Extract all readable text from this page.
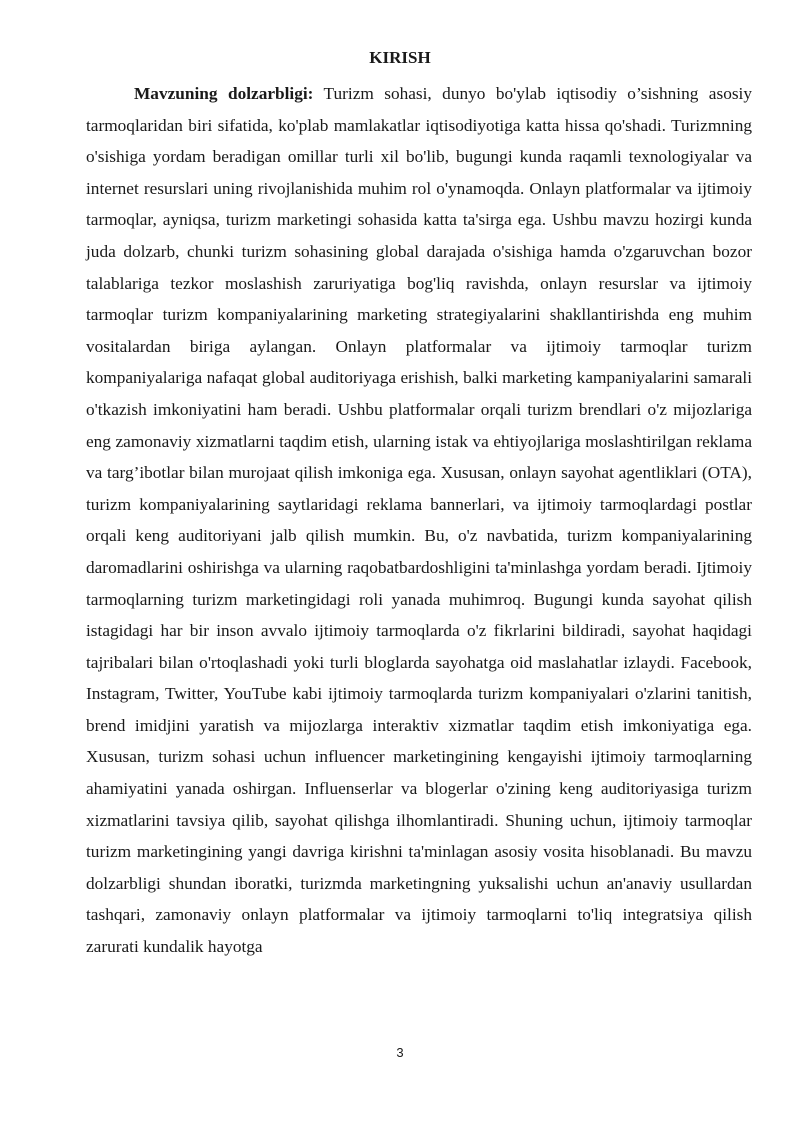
KIRISH

Mavzuning dolzarbligi: Turizm sohasi, dunyo bo'ylab iqtisodiy o’sishning asosiy tarmoqlaridan biri sifatida, ko'plab mamlakatlar iqtisodiyotiga katta hissa qo'shadi. Turizmning o'sishiga yordam beradigan omillar turli xil bo'lib, bugungi kunda raqamli texnologiyalar va internet resurslari uning rivojlanishida muhim rol o'ynamoqda. Onlayn platformalar va ijtimoiy tarmoqlar, ayniqsa, turizm marketingi sohasida katta ta'sirga ega. Ushbu mavzu hozirgi kunda juda dolzarb, chunki turizm sohasining global darajada o'sishiga hamda o'zgaruvchan bozor talablariga tezkor moslashish zaruriyatiga bog'liq ravishda, onlayn resurslar va ijtimoiy tarmoqlar turizm kompaniyalarining marketing strategiyalarini shakllantirishda eng muhim vositalardan biriga aylangan. Onlayn platformalar va ijtimoiy tarmoqlar turizm kompaniyalariga nafaqat global auditoriyaga erishish, balki marketing kampaniyalarini samarali o'tkazish imkoniyatini ham beradi. Ushbu platformalar orqali turizm brendlari o'z mijozlariga eng zamonaviy xizmatlarni taqdim etish, ularning istak va ehtiyojlariga moslashtirilgan reklama va targ’ibotlar bilan murojaat qilish imkoniga ega. Xususan, onlayn sayohat agentliklari (OTA), turizm kompaniyalarining saytlaridagi reklama bannerlari, va ijtimoiy tarmoqlardagi postlar orqali keng auditoriyani jalb qilish mumkin. Bu, o'z navbatida, turizm kompaniyalarining daromadlarini oshirishga va ularning raqobatbardoshligini ta'minlashga yordam beradi. Ijtimoiy tarmoqlarning turizm marketingidagi roli yanada muhimroq. Bugungi kunda sayohat qilish istagidagi har bir inson avvalo ijtimoiy tarmoqlarda o'z fikrlarini bildiradi, sayohat haqidagi tajribalari bilan o'rtoqlashadi yoki turli bloglarda sayohatga oid maslahatlar izlaydi. Facebook, Instagram, Twitter, YouTube kabi ijtimoiy tarmoqlarda turizm kompaniyalari o'zlarini tanitish, brend imidjini yaratish va mijozlarga interaktiv xizmatlar taqdim etish imkoniyatiga ega. Xususan, turizm sohasi uchun influencer marketingining kengayishi ijtimoiy tarmoqlarning ahamiyatini yanada oshirgan. Influenserlar va blogerlar o'zining keng auditoriyasiga turizm xizmatlarini tavsiya qilib, sayohat qilishga ilhomlantiradi. Shuning uchun, ijtimoiy tarmoqlar turizm marketingining yangi davriga kirishni ta'minlagan asosiy vosita hisoblanadi. Bu mavzu dolzarbligi shundan iboratki, turizmda marketingning yuksalishi uchun an'anaviy usullardan tashqari, zamonaviy onlayn platformalar va ijtimoiy tarmoqlarni to'liq integratsiya qilish zarurati kundalik hayotga

3
